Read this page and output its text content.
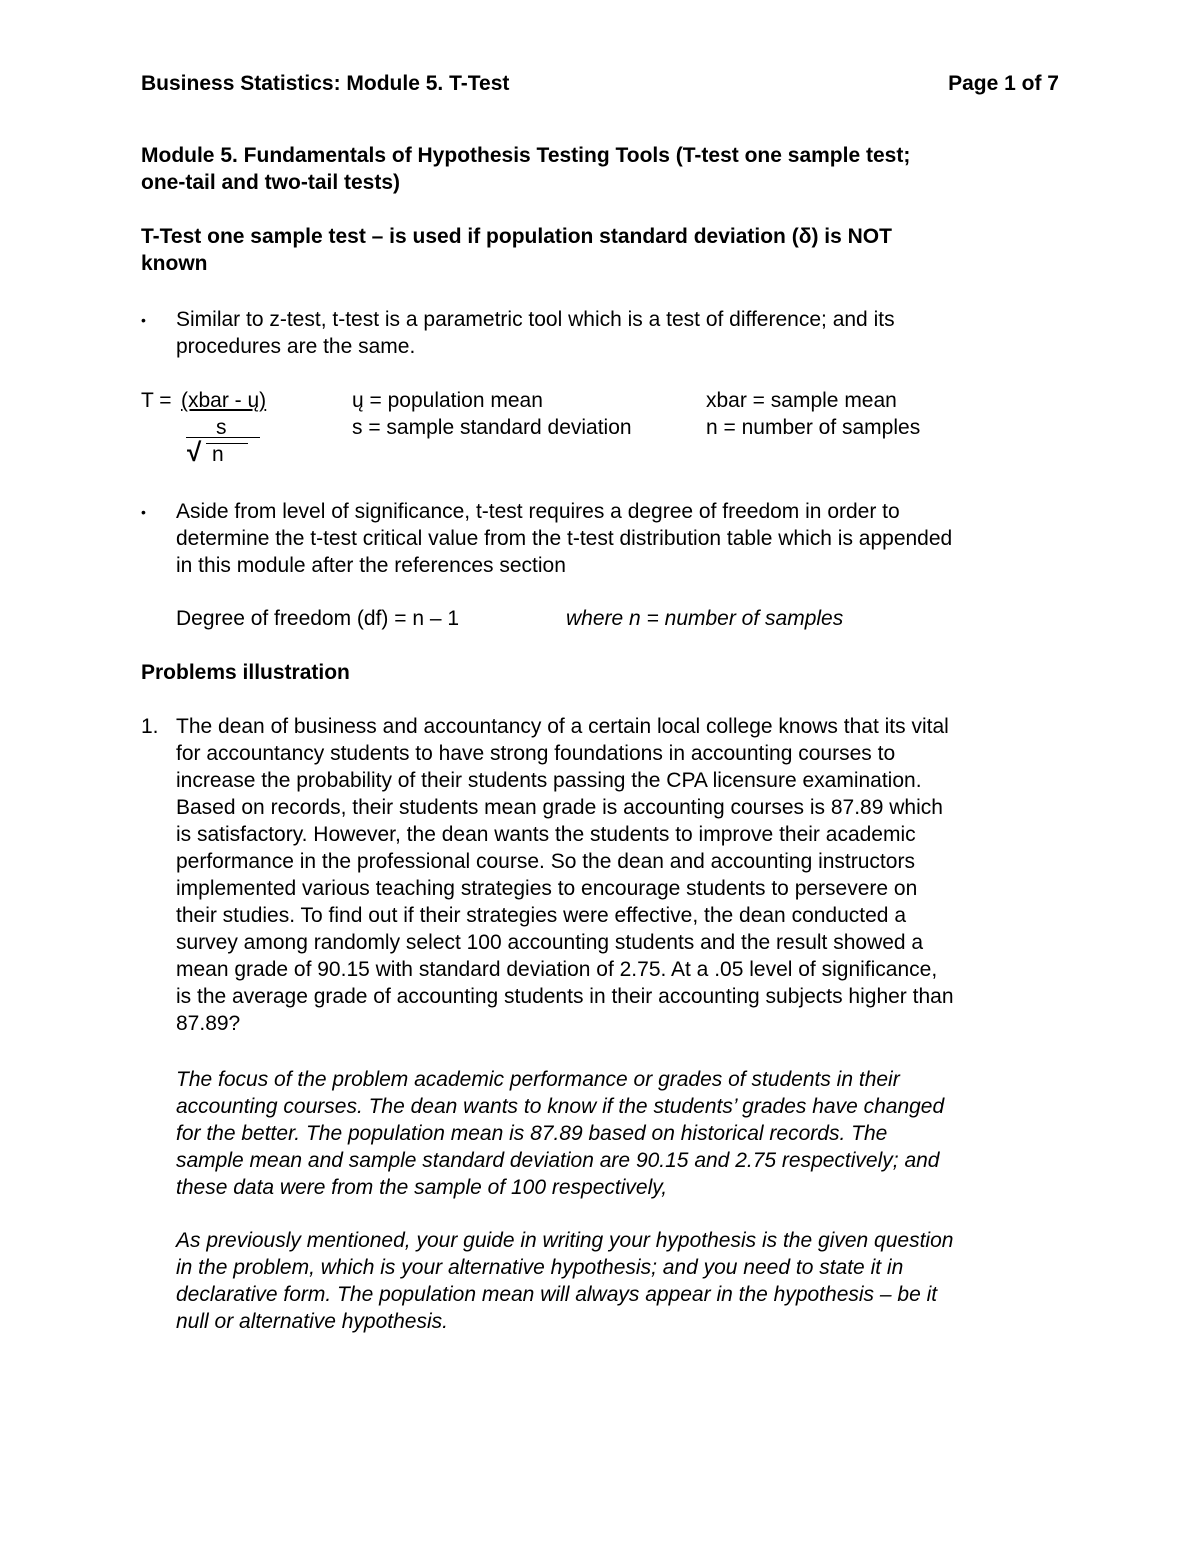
Business Statistics: Module 5. T-Test	Page 1 of 7
Module 5. Fundamentals of Hypothesis Testing Tools (T-test one sample test;
one-tail and two-tail tests)
T-Test one sample test – is used if population standard deviation (δ) is NOT
known
• Similar to z-test, t-test is a parametric tool which is a test of difference; and its
procedures are the same.
T = (xbar - ų)
s
√ n
ų = population mean	xbar = sample mean
s = sample standard deviation	n = number of samples
• Aside from level of significance, t-test requires a degree of freedom in order to
determine the t-test critical value from the t-test distribution table which is appended
in this module after the references section
Degree of freedom (df) = n – 1	where n = number of samples
Problems illustration
1. The dean of business and accountancy of a certain local college knows that its vital
for accountancy students to have strong foundations in accounting courses to
increase the probability of their students passing the CPA licensure examination.
Based on records, their students mean grade is accounting courses is 87.89 which
is satisfactory. However, the dean wants the students to improve their academic
performance in the professional course. So the dean and accounting instructors
implemented various teaching strategies to encourage students to persevere on
their studies. To find out if their strategies were effective, the dean conducted a
survey among randomly select 100 accounting students and the result showed a
mean grade of 90.15 with standard deviation of 2.75. At a .05 level of significance,
is the average grade of accounting students in their accounting subjects higher than
87.89?
The focus of the problem academic performance or grades of students in their
accounting courses. The dean wants to know if the students’ grades have changed
for the better. The population mean is 87.89 based on historical records. The
sample mean and sample standard deviation are 90.15 and 2.75 respectively; and
these data were from the sample of 100 respectively,
As previously mentioned, your guide in writing your hypothesis is the given question
in the problem, which is your alternative hypothesis; and you need to state it in
declarative form. The population mean will always appear in the hypothesis – be it
null or alternative hypothesis.
